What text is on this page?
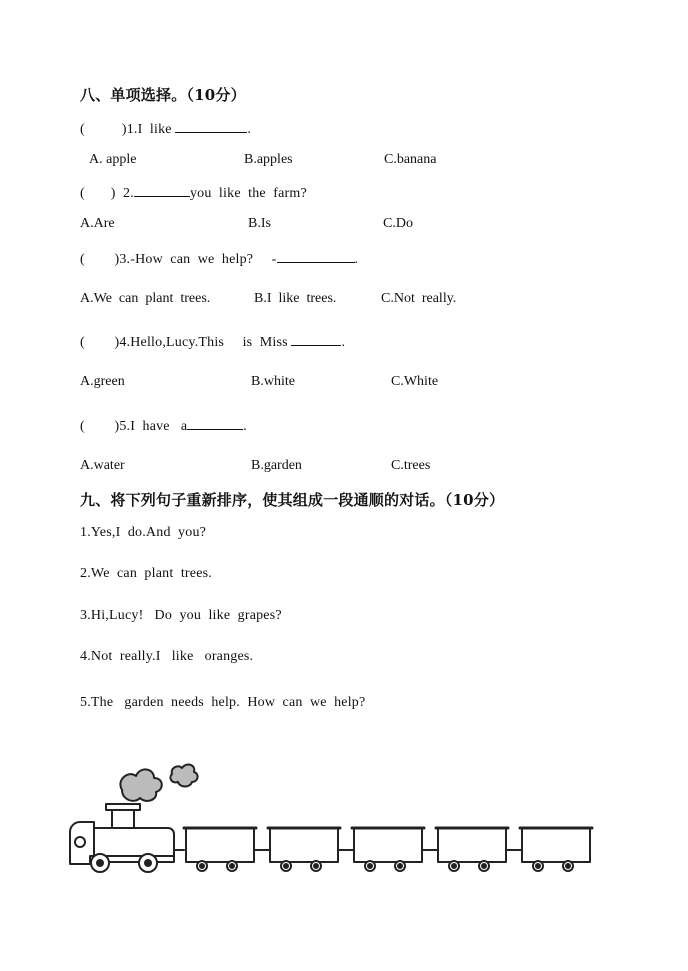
八、单项选择。（10分）
(          )1.I  like	.
A. apple	B.apples	C.banana
(       )  2.	you  like  the  farm?
A.Are	B.Is	C.Do
(        )3.-How  can  we  help?     -	.
A.We  can  plant  trees.	B.I  like  trees.	C.Not  really.
(        )4.Hello,Lucy.This     is  Miss	.
A.green	B.white	C.White
(        )5.I  have   a	.
A.water	B.garden	C.trees
九、将下列句子重新排序，使其组成一段通顺的对话。（10分）
1.Yes,I  do.And  you?
2.We  can  plant  trees.
3.Hi,Lucy!   Do  you  like  grapes?
4.Not  really.I   like   oranges.
5.The   garden  needs  help.  How  can  we  help?
